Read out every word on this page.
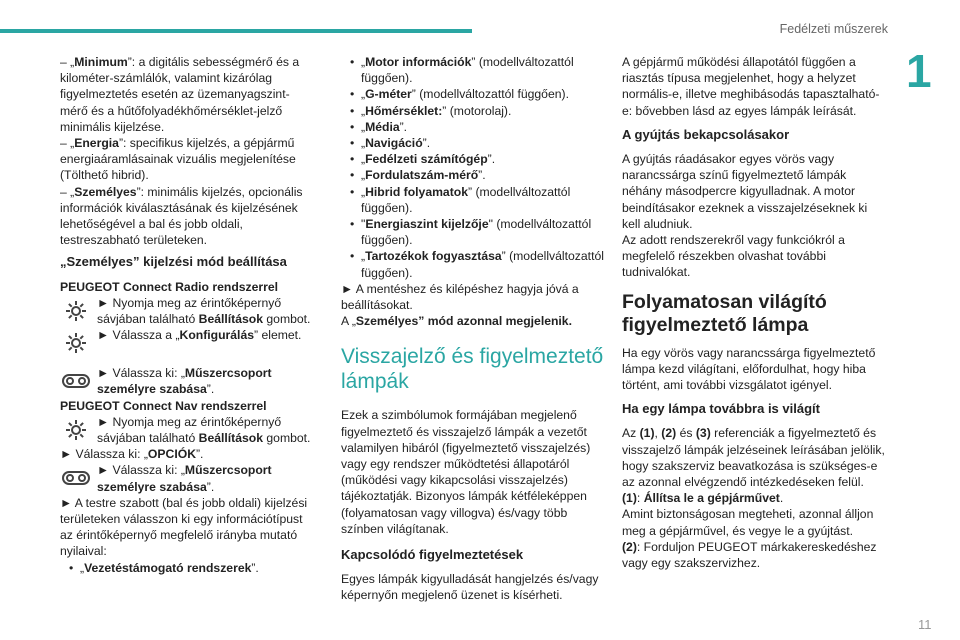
Fedélzeti műszerek
1
11

– „Minimum”: a digitális sebességmérő és a kilométer-számlálók, valamint kizárólag figyelmeztetés esetén az üzemanyagszint-mérő és a hűtőfolyadékhőmérséklet-jelző minimális kijelzése.

– „Energia”: specifikus kijelzés, a gépjármű energiaáramlásainak vizuális megjelenítése (Tölthető hibrid).

– „Személyes”: minimális kijelzés, opcionális információk kiválasztásának és kijelzésének lehetőségével a bal és jobb oldali, testreszabható területeken.

„Személyes” kijelzési mód beállítása

PEUGEOT Connect Radio rendszerrel

► Nyomja meg az érintőképernyő sávjában található Beállítások gombot.

► Válassza a „Konfigurálás” elemet.

► Válassza ki: „Műszercsoport személyre szabása”.

PEUGEOT Connect Nav rendszerrel

► Nyomja meg az érintőképernyő sávjában található Beállítások gombot.

► Válassza ki: „OPCIÓK”.

► Válassza ki: „Műszercsoport személyre szabása”.

► A testre szabott (bal és jobb oldali) kijelzési területeken válasszon ki egy információtípust az érintőképernyő megfelelő irányba mutató nyilaival:

• „Vezetéstámogató rendszerek”.
• „Motor információk” (modellváltozattól függően).
• „G-méter” (modellváltozattól függően).
• „Hőmérséklet:” (motorolaj).
• „Média”.
• „Navigáció”.
• „Fedélzeti számítógép”.
• „Fordulatszám-mérő”.
• „Hibrid folyamatok” (modellváltozattól függően).
• "Energiaszint kijelzője" (modellváltozattól függően).
• „Tartozékok fogyasztása” (modellváltozattól függően).

► A mentéshez és kilépéshez hagyja jóvá a beállításokat.

A „Személyes” mód azonnal megjelenik.

Visszajelző és figyelmeztető lámpák

Ezek a szimbólumok formájában megjelenő figyelmeztető és visszajelző lámpák a vezetőt valamilyen hibáról (figyelmeztető visszajelzés) vagy egy rendszer működtetési állapotáról (működési vagy kikapcsolási visszajelzés) tájékoztatják. Bizonyos lámpák kétféleképpen (folyamatosan vagy villogva) és/vagy több színben világítanak.

Kapcsolódó figyelmeztetések

Egyes lámpák kigyulladását hangjelzés és/vagy képernyőn megjelenő üzenet is kísérheti.

A gépjármű működési állapotától függően a riasztás típusa megjelenhet, hogy a helyzet normális-e, illetve meghibásodás tapasztalható-e: bővebben lásd az egyes lámpák leírását.

A gyújtás bekapcsolásakor

A gyújtás ráadásakor egyes vörös vagy narancssárga színű figyelmeztető lámpák néhány másodpercre kigyulladnak. A motor beindításakor ezeknek a visszajelzéseknek ki kell aludniuk.

Az adott rendszerekről vagy funkciókról a megfelelő részekben olvashat további tudnivalókat.

Folyamatosan világító figyelmeztető lámpa

Ha egy vörös vagy narancssárga figyelmeztető lámpa kezd világítani, előfordulhat, hogy hiba történt, ami további vizsgálatot igényel.

Ha egy lámpa továbbra is világít

Az (1), (2) és (3) referenciák a figyelmeztető és visszajelző lámpák jelzéseinek leírásában jelölik, hogy szakszerviz beavatkozása is szükséges-e az azonnal elvégzendő intézkedéseken felül.

(1): Állítsa le a gépjárművet.

Amint biztonságosan megteheti, azonnal álljon meg a gépjárművel, és vegye le a gyújtást.

(2): Forduljon PEUGEOT márkakereskedéshez vagy egy szakszervizhez.
